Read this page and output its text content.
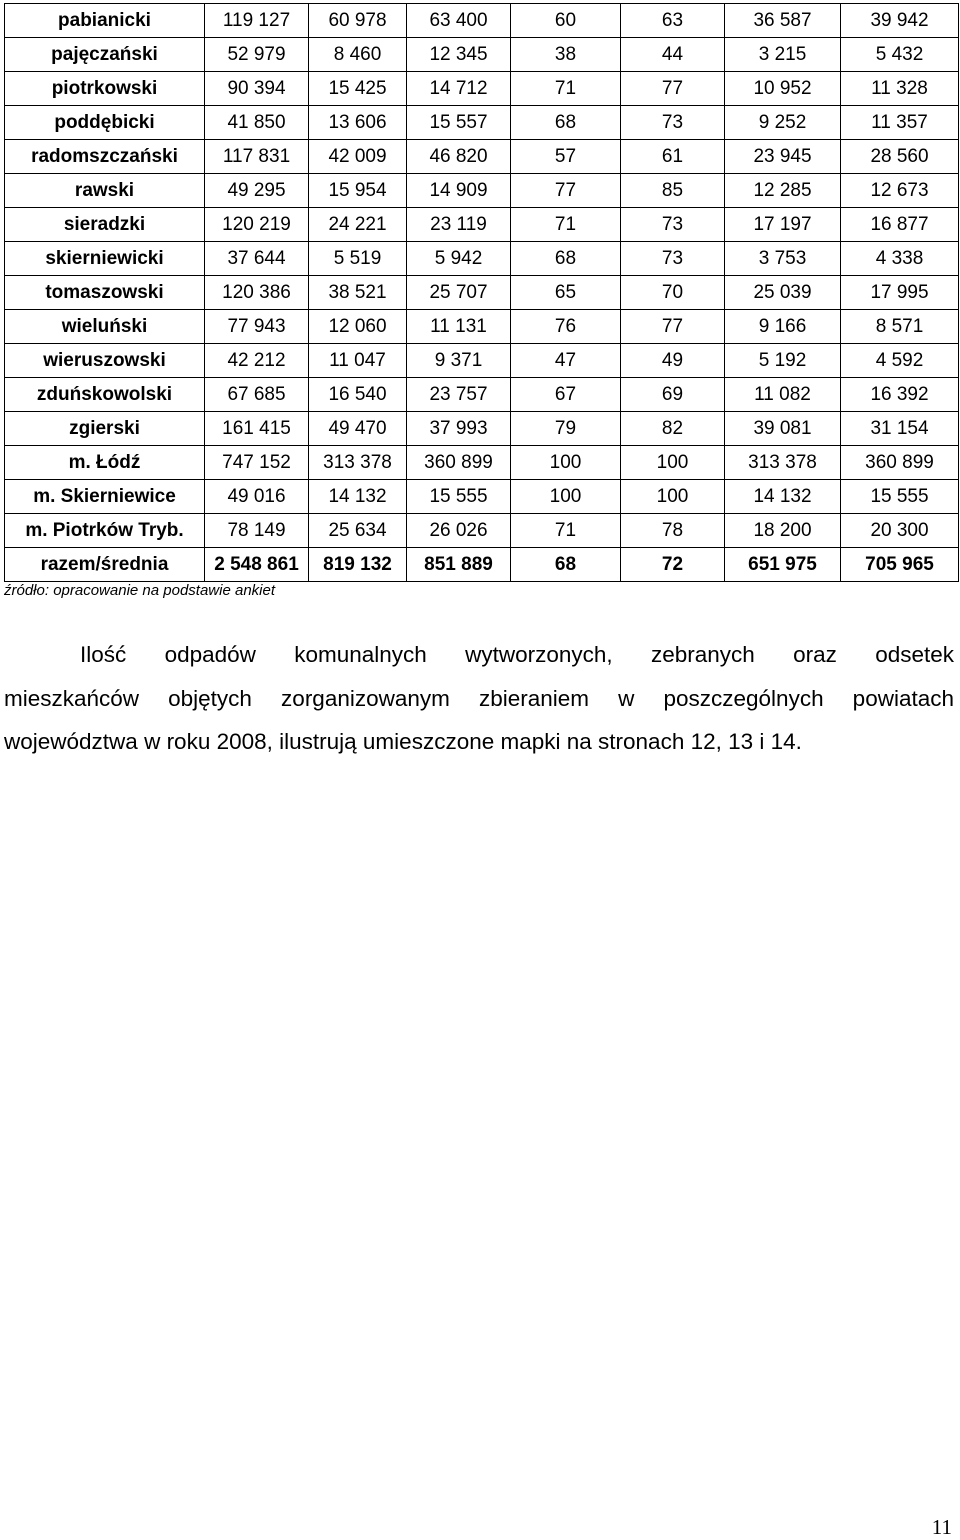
pabianicki	119 127	60 978	63 400	60	63	36 587	39 942
pajęczański	52 979	8 460	12 345	38	44	3 215	5 432
piotrkowski	90 394	15 425	14 712	71	77	10 952	11 328
poddębicki	41 850	13 606	15 557	68	73	9 252	11 357
radomszczański	117 831	42 009	46 820	57	61	23 945	28 560
rawski	49 295	15 954	14 909	77	85	12 285	12 673
sieradzki	120 219	24 221	23 119	71	73	17 197	16 877
skierniewicki	37 644	5 519	5 942	68	73	3 753	4 338
tomaszowski	120 386	38 521	25 707	65	70	25 039	17 995
wieluński	77 943	12 060	11 131	76	77	9 166	8 571
wieruszowski	42 212	11 047	9 371	47	49	5 192	4 592
zduńskowolski	67 685	16 540	23 757	67	69	11 082	16 392
zgierski	161 415	49 470	37 993	79	82	39 081	31 154
m. Łódź	747 152	313 378	360 899	100	100	313 378	360 899
m. Skierniewice	49 016	14 132	15 555	100	100	14 132	15 555
m. Piotrków Tryb.	78 149	25 634	26 026	71	78	18 200	20 300
razem/średnia	2 548 861	819 132	851 889	68	72	651 975	705 965
źródło: opracowanie na podstawie ankiet
Ilość odpadów komunalnych wytworzonych, zebranych oraz odsetek
mieszkańców objętych zorganizowanym zbieraniem w poszczególnych powiatach
województwa w roku 2008, ilustrują umieszczone mapki na stronach 12, 13 i 14.
11
